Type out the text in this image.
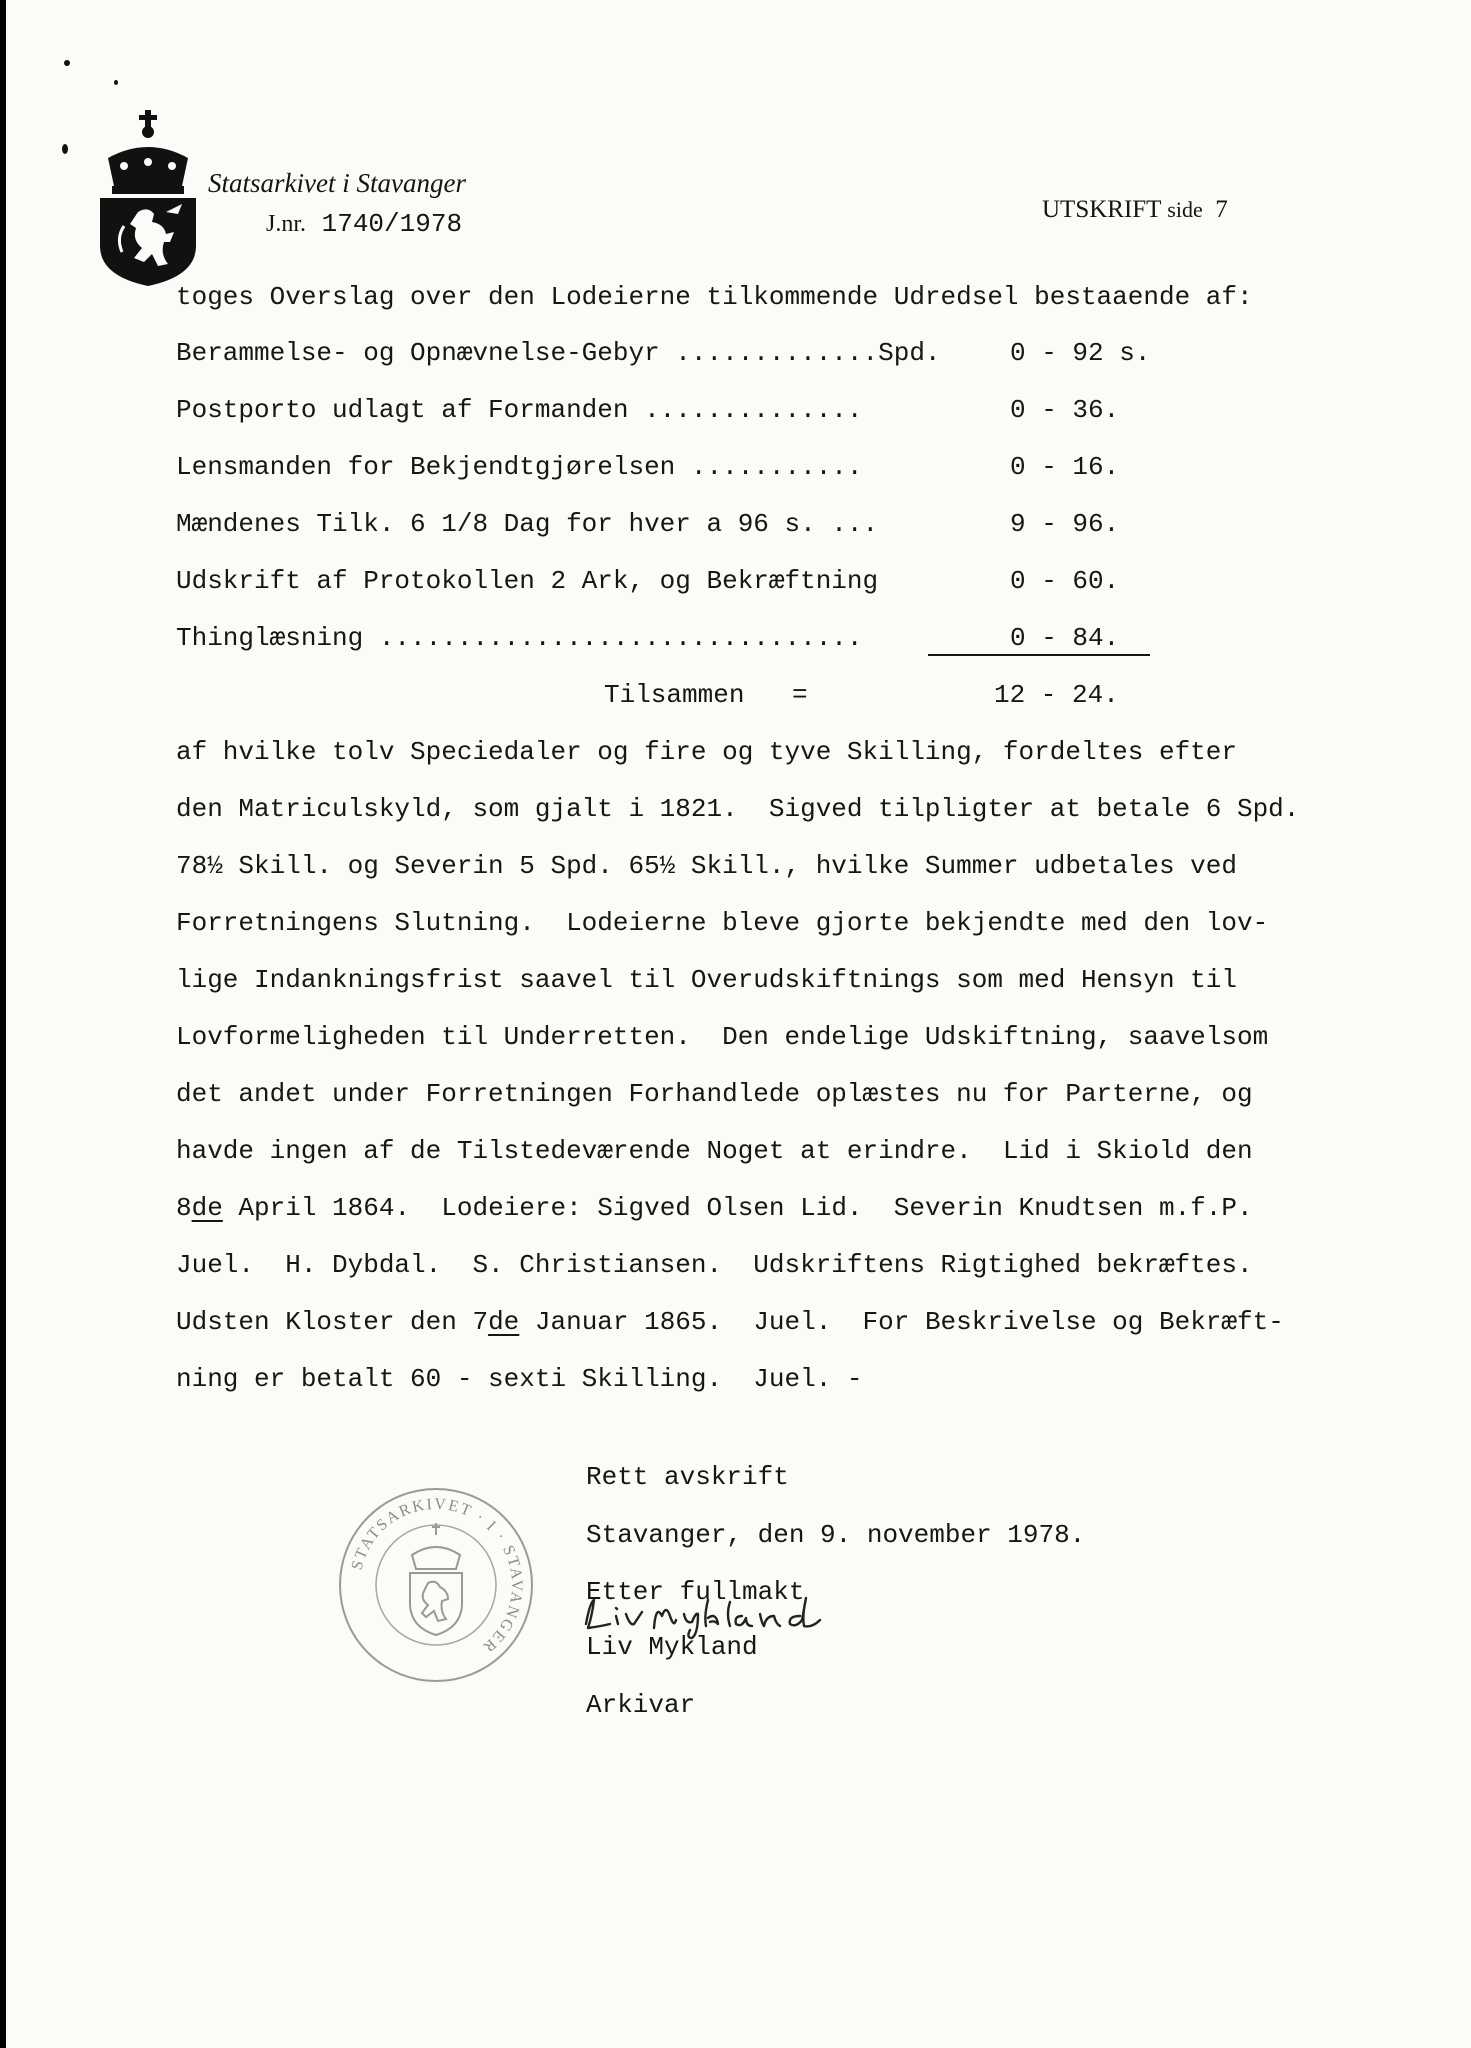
Statsarkivet i Stavanger
J.nr. 1740/1978	UTSKRIFT side 7
toges Overslag over den Lodeierne tilkommende Udredsel bestaaende af:
Berammelse- og Opnævnelse-Gebyr .............Spd.	0 - 92 s.
Postporto udlagt af Formanden ..............	0 - 36.
Lensmanden for Bekjendtgjørelsen ...........	0 - 16.
Mændenes Tilk. 6 1/8 Dag for hver a 96 s. ...	9 - 96.
Udskrift af Protokollen 2 Ark, og Bekræftning	0 - 60.
Thinglæsning ...............................	0 - 84.
Tilsammen =	12 - 24.
af hvilke tolv Speciedaler og fire og tyve Skilling, fordeltes efter
den Matriculskyld, som gjalt i 1821.  Sigved tilpligter at betale 6 Spd.
78½ Skill. og Severin 5 Spd. 65½ Skill., hvilke Summer udbetales ved
Forretningens Slutning.  Lodeierne bleve gjorte bekjendte med den lov-
lige Indankningsfrist saavel til Overudskiftnings som med Hensyn til
Lovformeligheden til Underretten.  Den endelige Udskiftning, saavelsom
det andet under Forretningen Forhandlede oplæstes nu for Parterne, og
havde ingen af de Tilstedeværende Noget at erindre.  Lid i Skiold den
8de April 1864.  Lodeiere: Sigved Olsen Lid.  Severin Knudtsen m.f.P.
Juel.  H. Dybdal.  S. Christiansen.  Udskriftens Rigtighed bekræftes.
Udsten Kloster den 7de Januar 1865.  Juel.  For Beskrivelse og Bekræft-
ning er betalt 60 - sexti Skilling.  Juel. -
Rett avskrift
Stavanger, den 9. november 1978.
Etter fullmakt
Liv Mykland
Arkivar
STATSARKIVET · I · STAVANGER
